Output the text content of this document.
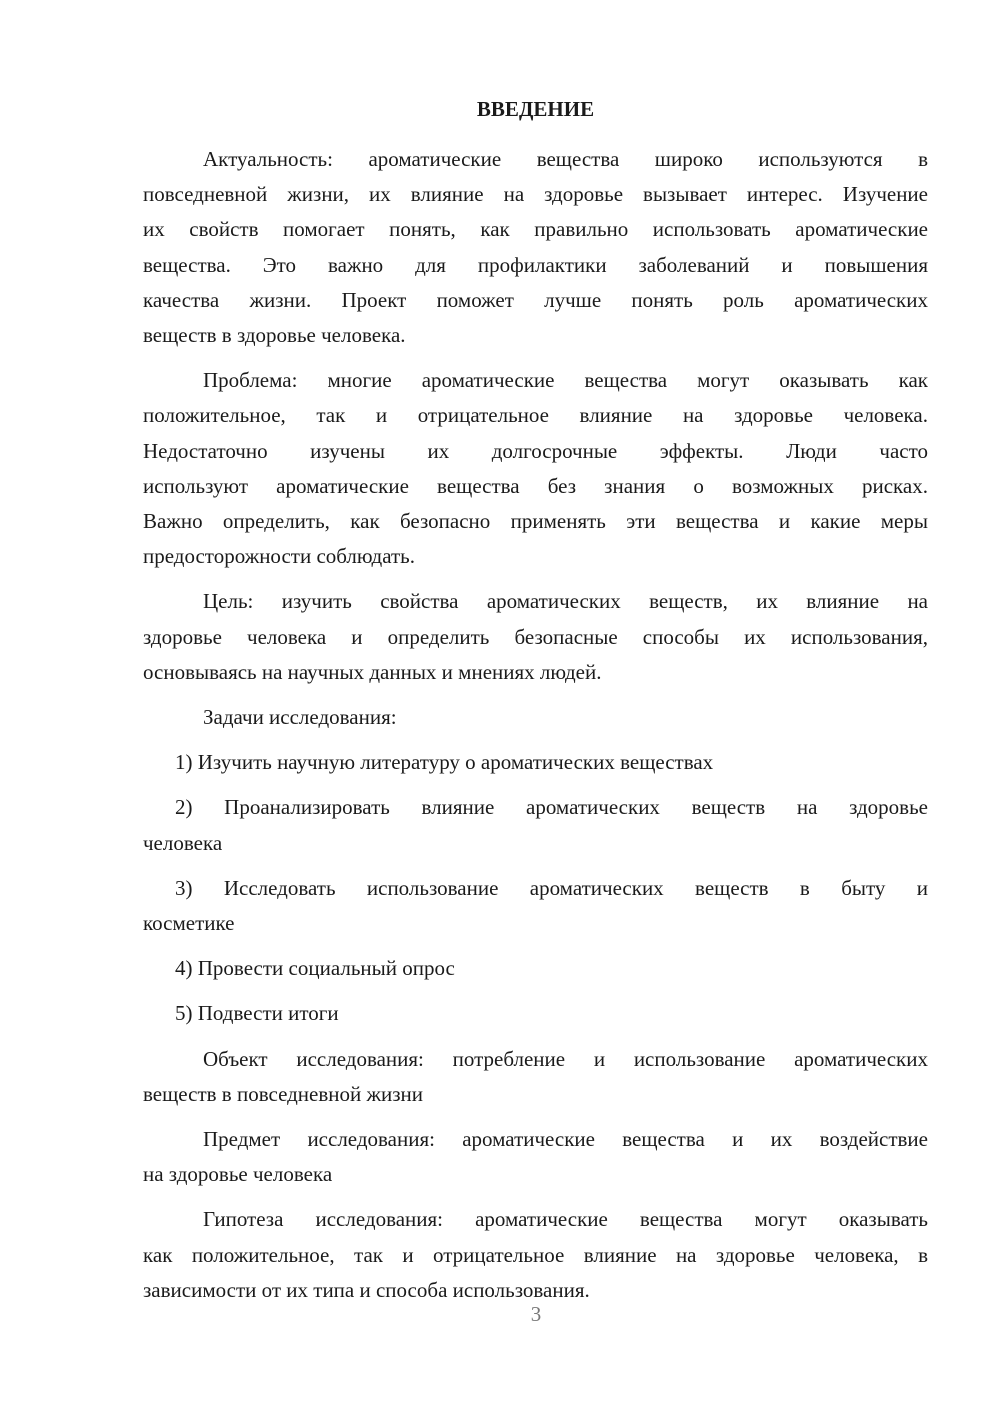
ВВЕДЕНИЕ
Актуальность: ароматические вещества широко используются в
повседневной жизни, их влияние на здоровье вызывает интерес. Изучение
их свойств помогает понять, как правильно использовать ароматические
вещества. Это важно для профилактики заболеваний и повышения
качества жизни. Проект поможет лучше понять роль ароматических
веществ в здоровье человека.
Проблема: многие ароматические вещества могут оказывать как
положительное, так и отрицательное влияние на здоровье человека.
Недостаточно изучены их долгосрочные эффекты. Люди часто
используют ароматические вещества без знания о возможных рисках.
Важно определить, как безопасно применять эти вещества и какие меры
предосторожности соблюдать.
Цель: изучить свойства ароматических веществ, их влияние на
здоровье человека и определить безопасные способы их использования,
основываясь на научных данных и мнениях людей.
Задачи исследования:
1) Изучить научную литературу о ароматических веществах
2) Проанализировать влияние ароматических веществ на здоровье
человека
3) Исследовать использование ароматических веществ в быту и
косметике
4) Провести социальный опрос
5) Подвести итоги
Объект исследования: потребление и использование ароматических
веществ в повседневной жизни
Предмет исследования: ароматические вещества и их воздействие
на здоровье человека
Гипотеза исследования: ароматические вещества могут оказывать
как положительное, так и отрицательное влияние на здоровье человека, в
зависимости от их типа и способа использования.
3
